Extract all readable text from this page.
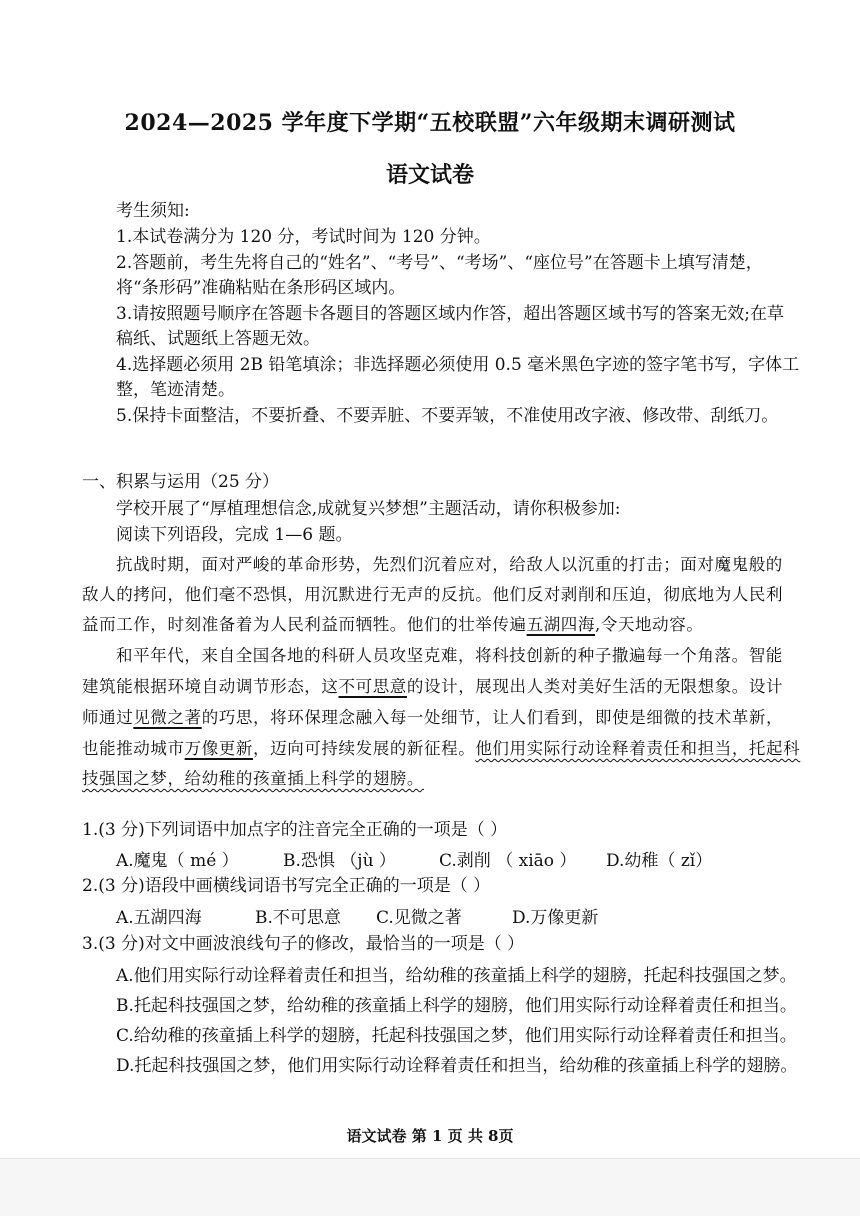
2024—2025 学年度下学期“五校联盟”六年级期末调研测试
语文试卷
考生须知:
1.本试卷满分为 120 分，考试时间为 120 分钟。
2.答题前，考生先将自己的“姓名”、“考号”、“考场”、“座位号”在答题卡上填写清楚，
将“条形码”准确粘贴在条形码区域内。
3.请按照题号顺序在答题卡各题目的答题区域内作答，超出答题区域书写的答案无效;在草
稿纸、试题纸上答题无效。
4.选择题必须用 2B 铅笔填涂；非选择题必须使用 0.5 毫米黑色字迹的签字笔书写，字体工
整，笔迹清楚。
5.保持卡面整洁，不要折叠、不要弄脏、不要弄皱，不准使用改字液、修改带、刮纸刀。
一、积累与运用（25 分）
学校开展了“厚植理想信念,成就复兴梦想”主题活动，请你积极参加:
阅读下列语段，完成 1—6 题。
抗战时期，面对严峻的革命形势，先烈们沉着应对，给敌人以沉重的打击；面对魔鬼般的
敌人的拷问，他们毫不恐惧，用沉默进行无声的反抗。他们反对剥削和压迫，彻底地为人民利
益而工作，时刻准备着为人民利益而牺牲。他们的壮举传遍五湖四海,令天地动容。
和平年代，来自全国各地的科研人员攻坚克难，将科技创新的种子撒遍每一个角落。智能
建筑能根据环境自动调节形态，这不可思意的设计，展现出人类对美好生活的无限想象。设计
师通过见微之著的巧思，将环保理念融入每一处细节，让人们看到，即使是细微的技术革新，
也能推动城市万像更新，迈向可持续发展的新征程。他们用实际行动诠释着责任和担当，托起科
技强国之梦，给幼稚的孩童插上科学的翅膀。
1.(3 分)下列词语中加点字的注音完全正确的一项是（ ）
A.魔鬼（ mé ）	B.恐惧 （jù ）	C.剥削 （ xiāo ） D.幼稚（ zǐ）
2.(3 分)语段中画横线词语书写完全正确的一项是（ ）
A.五湖四海	B.不可思意 C.见微之著	D.万像更新
3.(3 分)对文中画波浪线句子的修改，最恰当的一项是（ ）
A.他们用实际行动诠释着责任和担当，给幼稚的孩童插上科学的翅膀，托起科技强国之梦。
B.托起科技强国之梦，给幼稚的孩童插上科学的翅膀，他们用实际行动诠释着责任和担当。
C.给幼稚的孩童插上科学的翅膀，托起科技强国之梦，他们用实际行动诠释着责任和担当。
D.托起科技强国之梦，他们用实际行动诠释着责任和担当，给幼稚的孩童插上科学的翅膀。
语文试卷 第 1 页 共 8页
